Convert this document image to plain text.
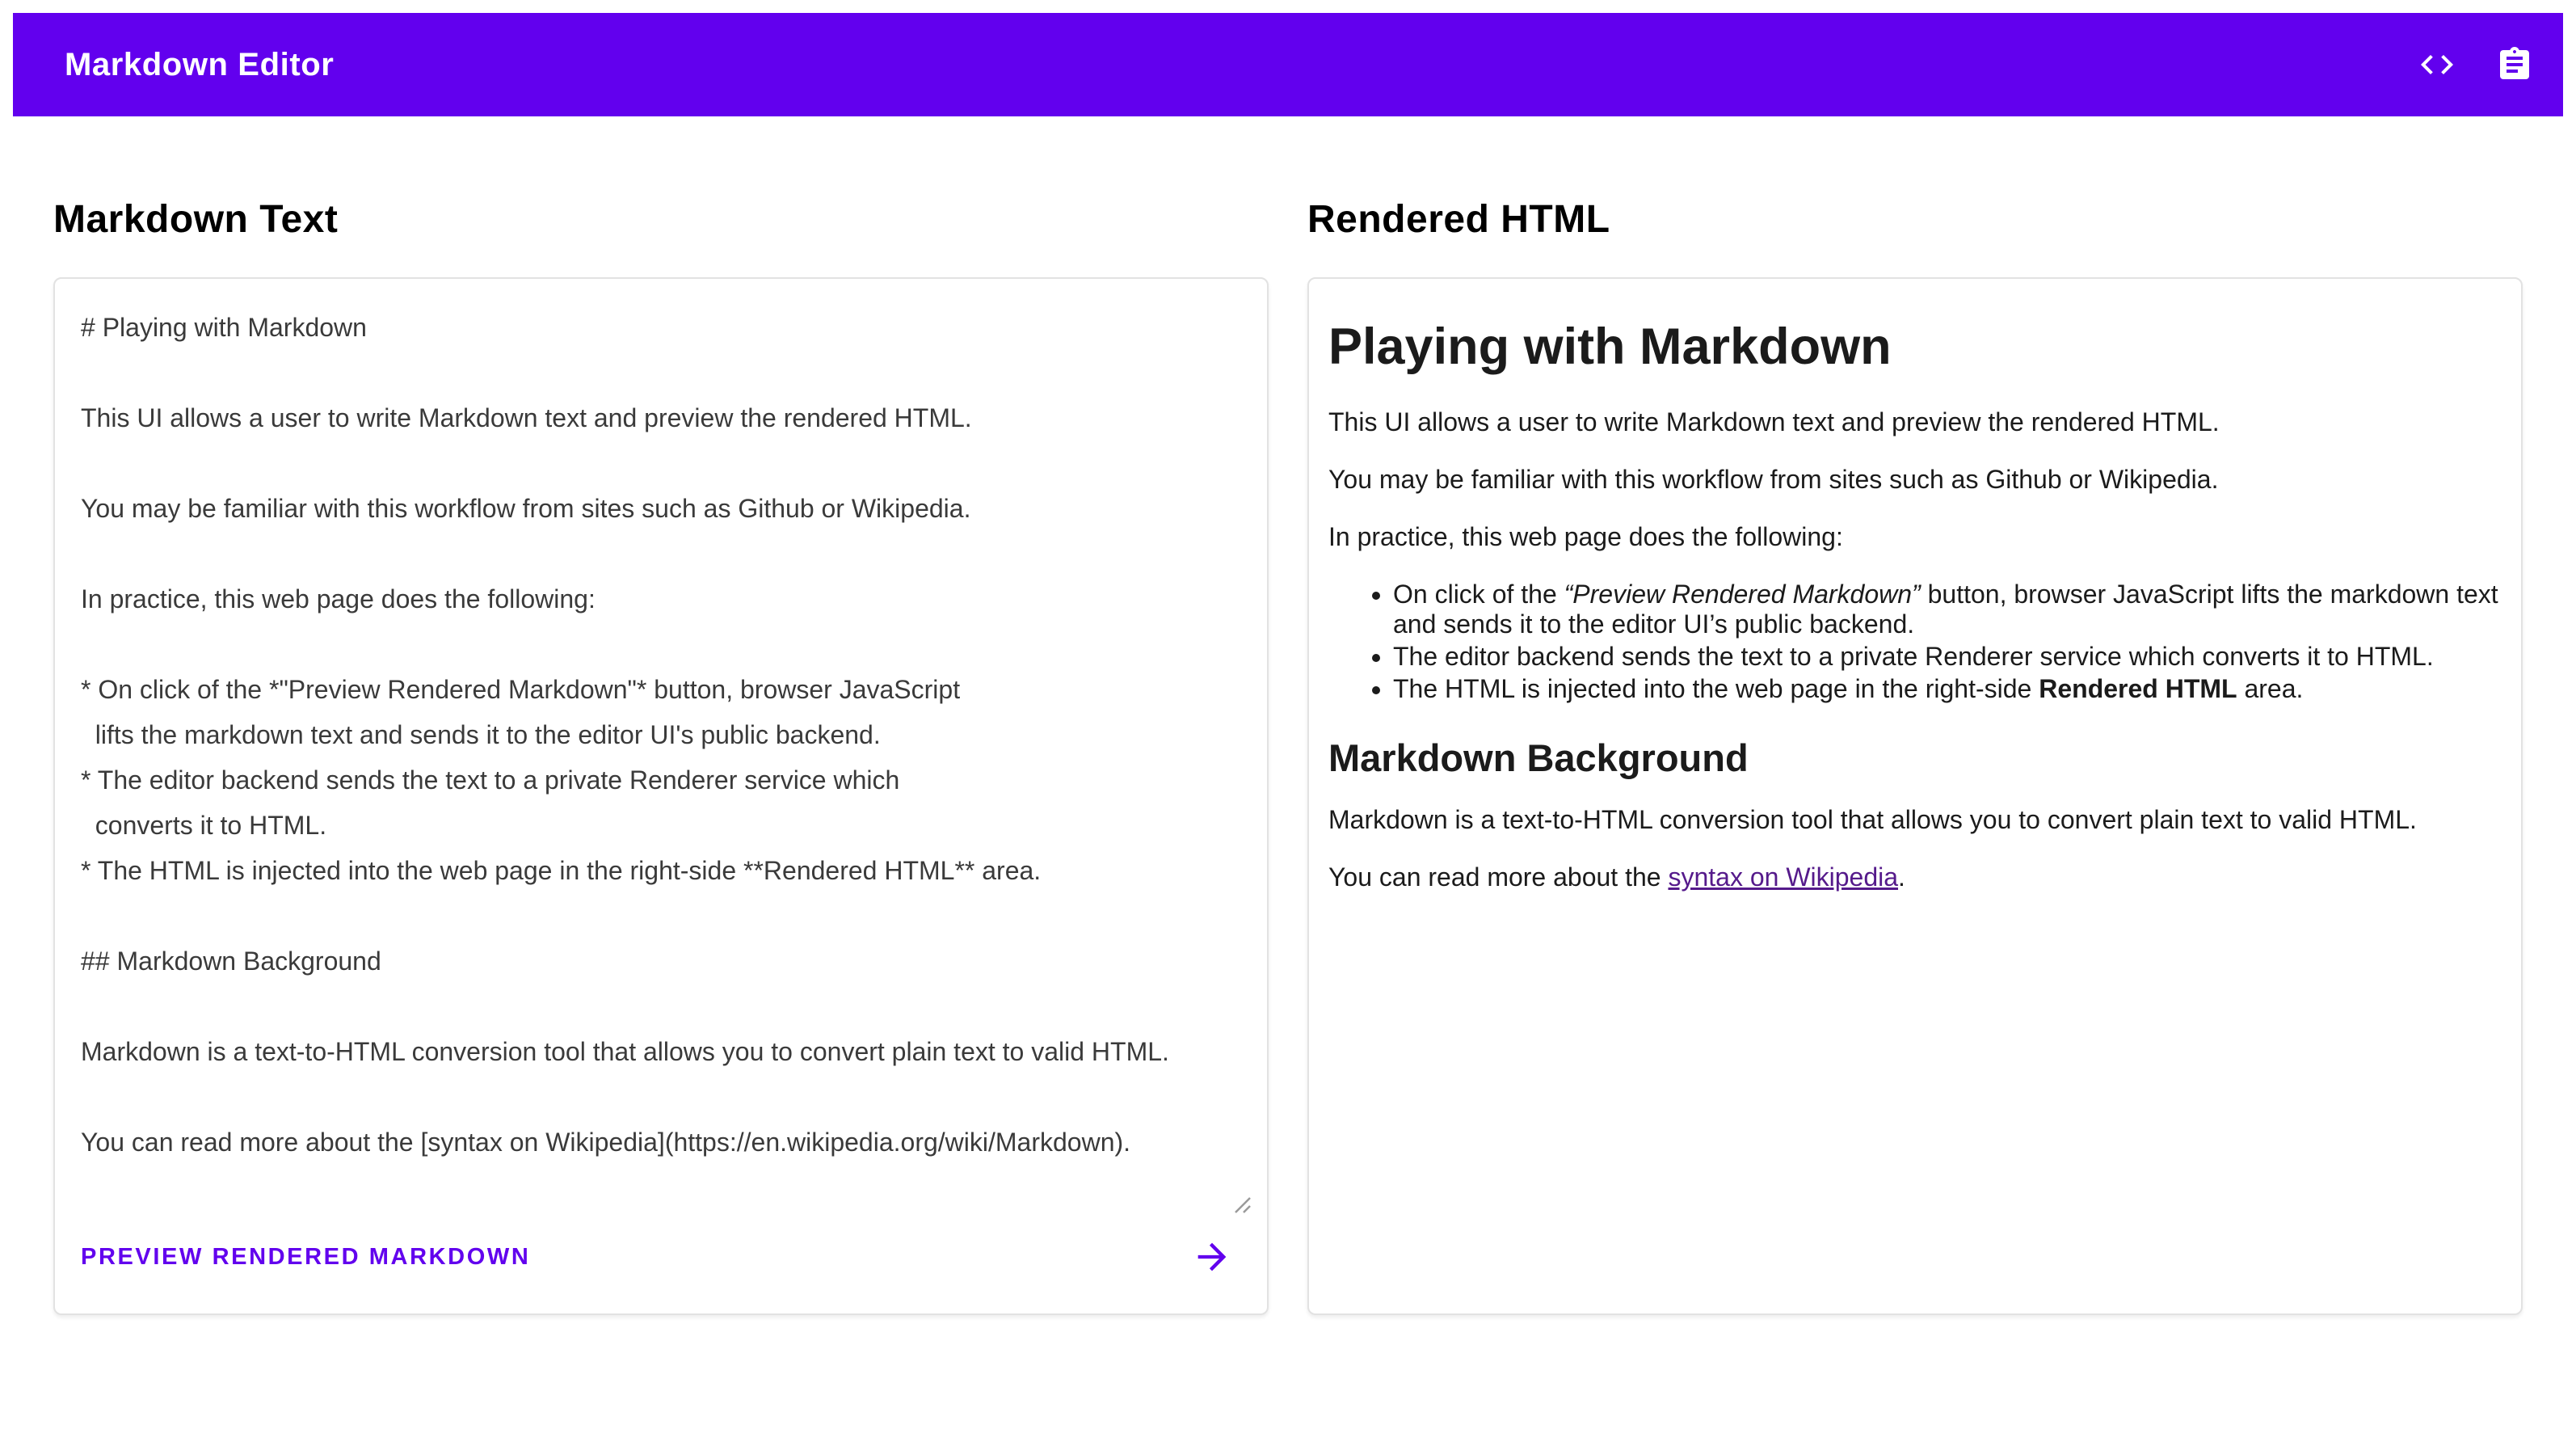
Markdown Editor
Markdown Text
# Playing with Markdown This UI allows a user to write Markdown text and preview the rendered HTML. You may be familiar with this workflow from sites such as Github or Wikipedia. In practice, this web page does the following: * On click of the *"Preview Rendered Markdown"* button, browser JavaScript lifts the markdown text and sends it to the editor UI's public backend. * The editor backend sends the text to a private Renderer service which converts it to HTML. * The HTML is injected into the web page in the right-side **Rendered HTML** area. ## Markdown Background Markdown is a text-to-HTML conversion tool that allows you to convert plain text to valid HTML. You can read more about the [syntax on Wikipedia](https://en.wikipedia.org/wiki/Markdown).
PREVIEW RENDERED MARKDOWN
Rendered HTML
Playing with Markdown

This UI allows a user to write Markdown text and preview the rendered HTML.

You may be familiar with this workflow from sites such as Github or Wikipedia.

In practice, this web page does the following:

• On click of the “Preview Rendered Markdown” button, browser JavaScript lifts the markdown text and sends it to the editor UI’s public backend.
• The editor backend sends the text to a private Renderer service which converts it to HTML.
• The HTML is injected into the web page in the right-side Rendered HTML area.
Markdown Background

Markdown is a text-to-HTML conversion tool that allows you to convert plain text to valid HTML.

You can read more about the syntax on Wikipedia.
